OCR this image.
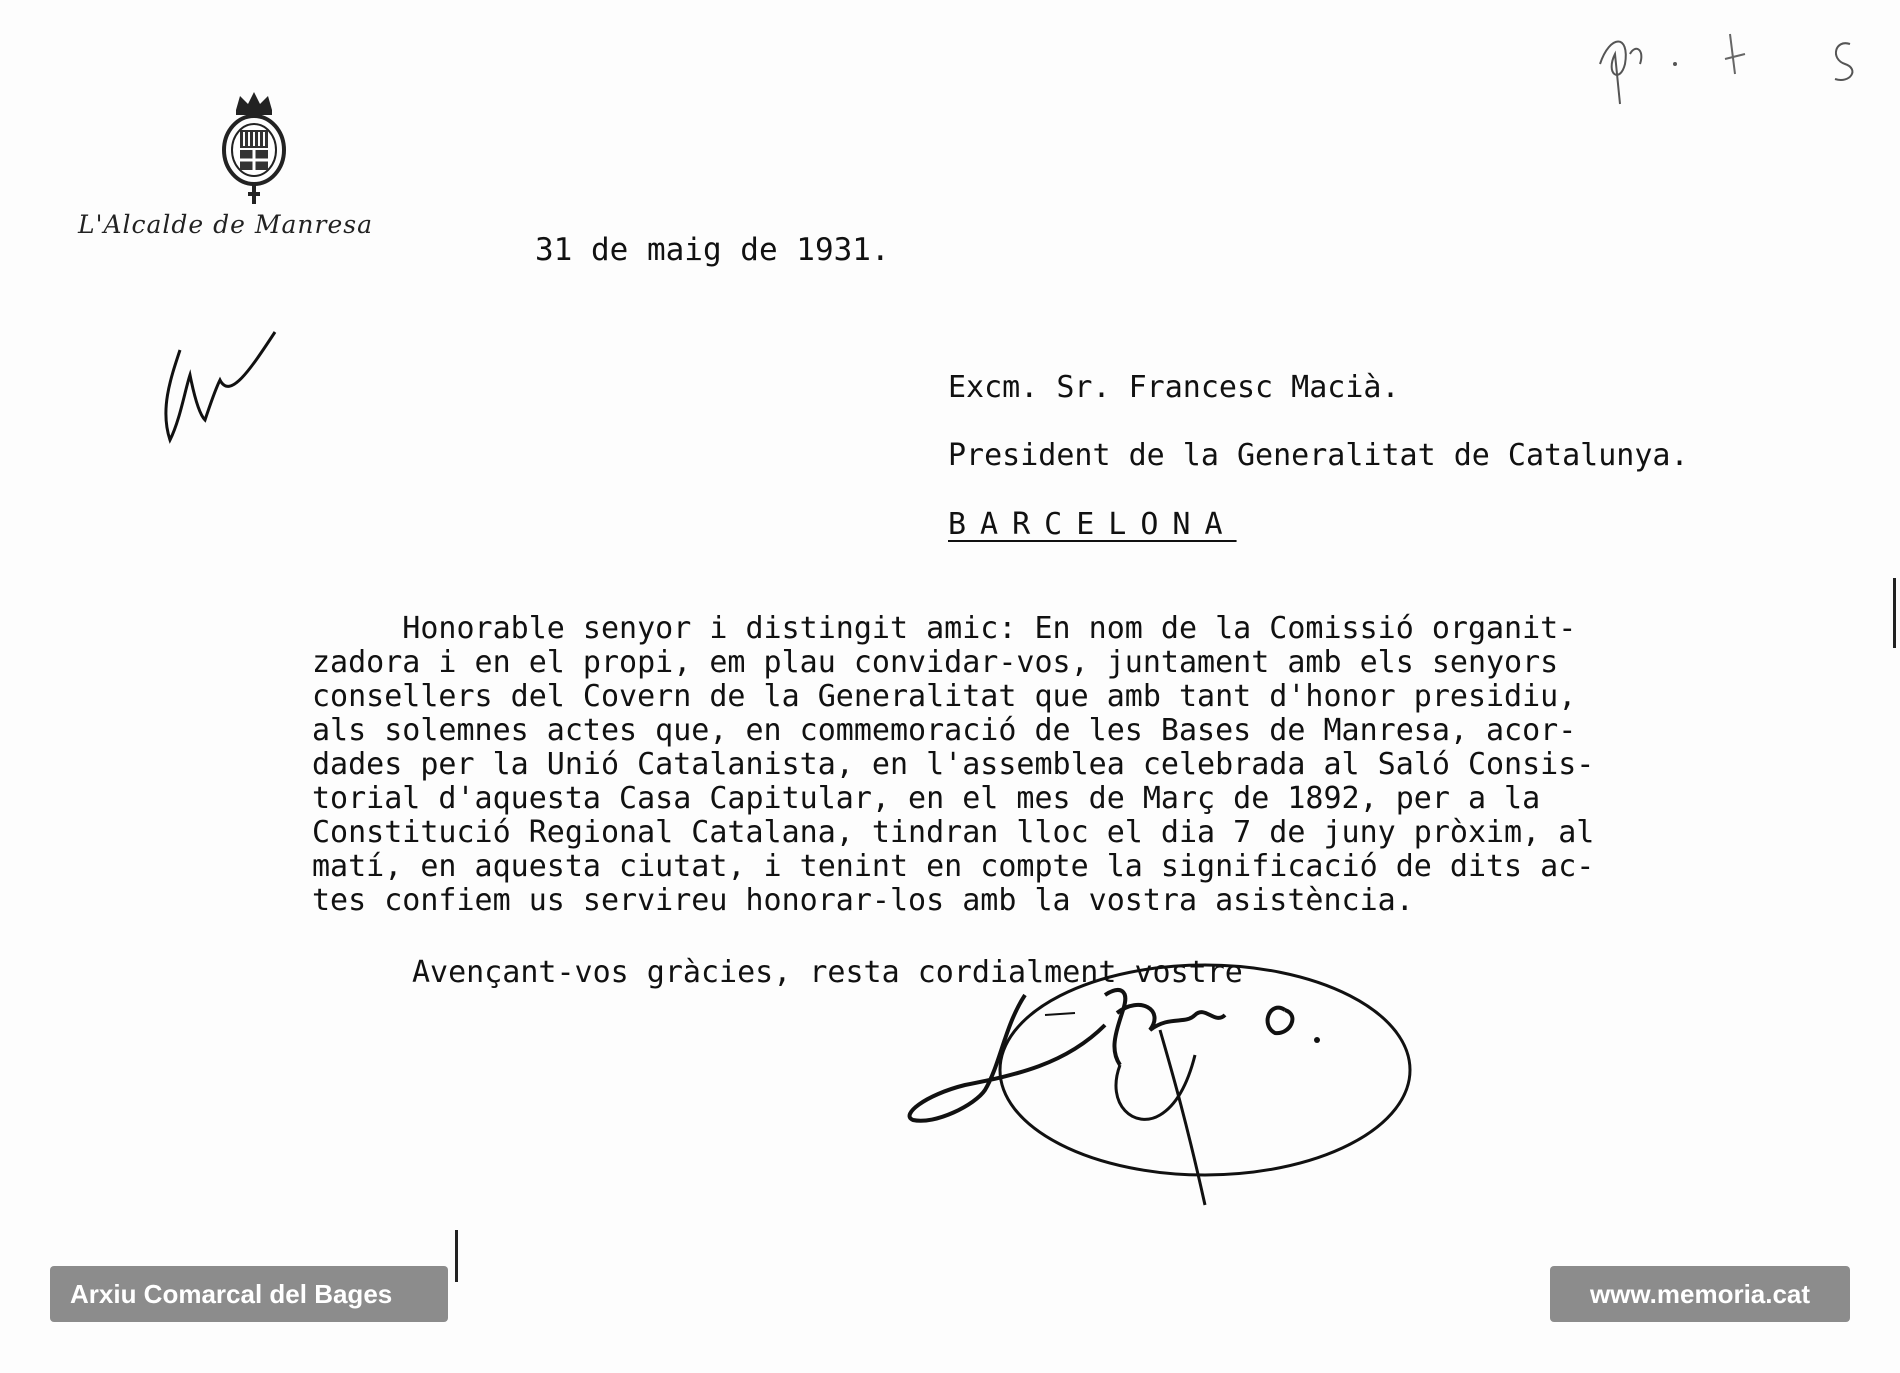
L'Alcalde de Manresa
31 de maig de 1931.
Excm. Sr. Francesc Macià.
President de la Generalitat de Catalunya.
BARCELONA
Honorable senyor i distingit amic: En nom de la Comissió organit-
zadora i en el propi, em plau convidar-vos, juntament amb els senyors
consellers del Covern de la Generalitat que amb tant d'honor presidiu,
als solemnes actes que, en commemoració de les Bases de Manresa, acor-
dades per la Unió Catalanista, en l'assemblea celebrada al Saló Consis-
torial d'aquesta Casa Capitular, en el mes de Març de 1892, per a la
Constitució Regional Catalana, tindran lloc el dia 7 de juny pròxim, al
matí, en aquesta ciutat, i tenint en compte la significació de dits ac-
tes confiem us servireu honorar-los amb la vostra asistència.
Avençant-vos gràcies, resta cordialment vostre
Arxiu Comarcal del Bages	www.memoria.cat
